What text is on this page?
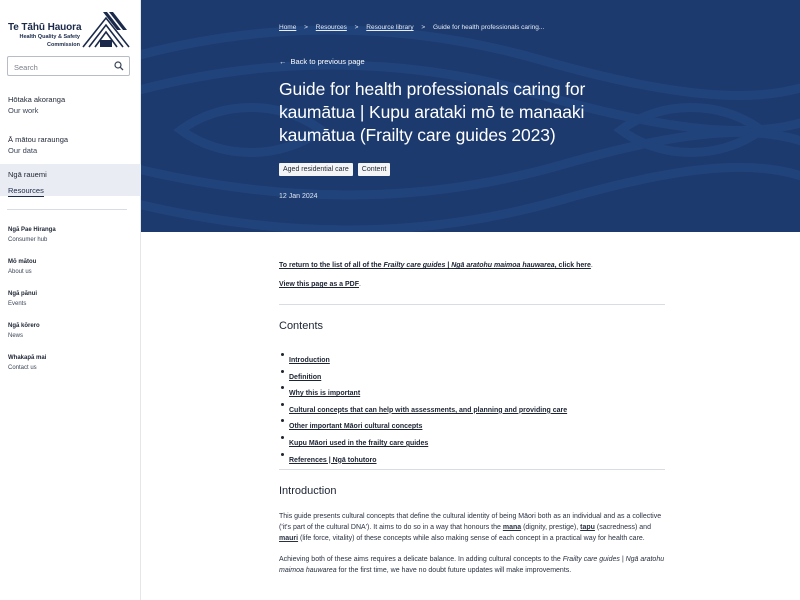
Te Tāhū Hauora
Health Quality & Safety
Commission
Search
Hōtaka akoranga
Our work
Ā mātou raraunga
Our data
Ngā rauemi
Resources
Ngā Pae Hiranga
Consumer hub
Mō mātou
About us
Ngā pānui
Events
Ngā kōrero
News
Whakapā mai
Contact us
Home > Resources > Resource library > Guide for health professionals caring...
← Back to previous page
Guide for health professionals caring for kaumātua | Kupu arataki mō te manaaki kaumātua (Frailty care guides 2023)
Aged residential care	Content
12 Jan 2024
To return to the list of all of the Frailty care guides | Ngā aratohu maimoa hauwarea, click here.
View this page as a PDF.
Contents
Introduction
Definition
Why this is important
Cultural concepts that can help with assessments, and planning and providing care
Other important Māori cultural concepts
Kupu Māori used in the frailty care guides
References | Ngā tohutoro
Introduction

This guide presents cultural concepts that define the cultural identity of being Māori both as an individual and as a collective ('it's part of the cultural DNA'). It aims to do so in a way that honours the mana (dignity, prestige), tapu (sacredness) and mauri (life force, vitality) of these concepts while also making sense of each concept in a practical way for health care.

Achieving both of these aims requires a delicate balance. In adding cultural concepts to the Frailty care guides | Ngā aratohu maimoa hauwarea for the first time, we have no doubt future updates will make improvements.
